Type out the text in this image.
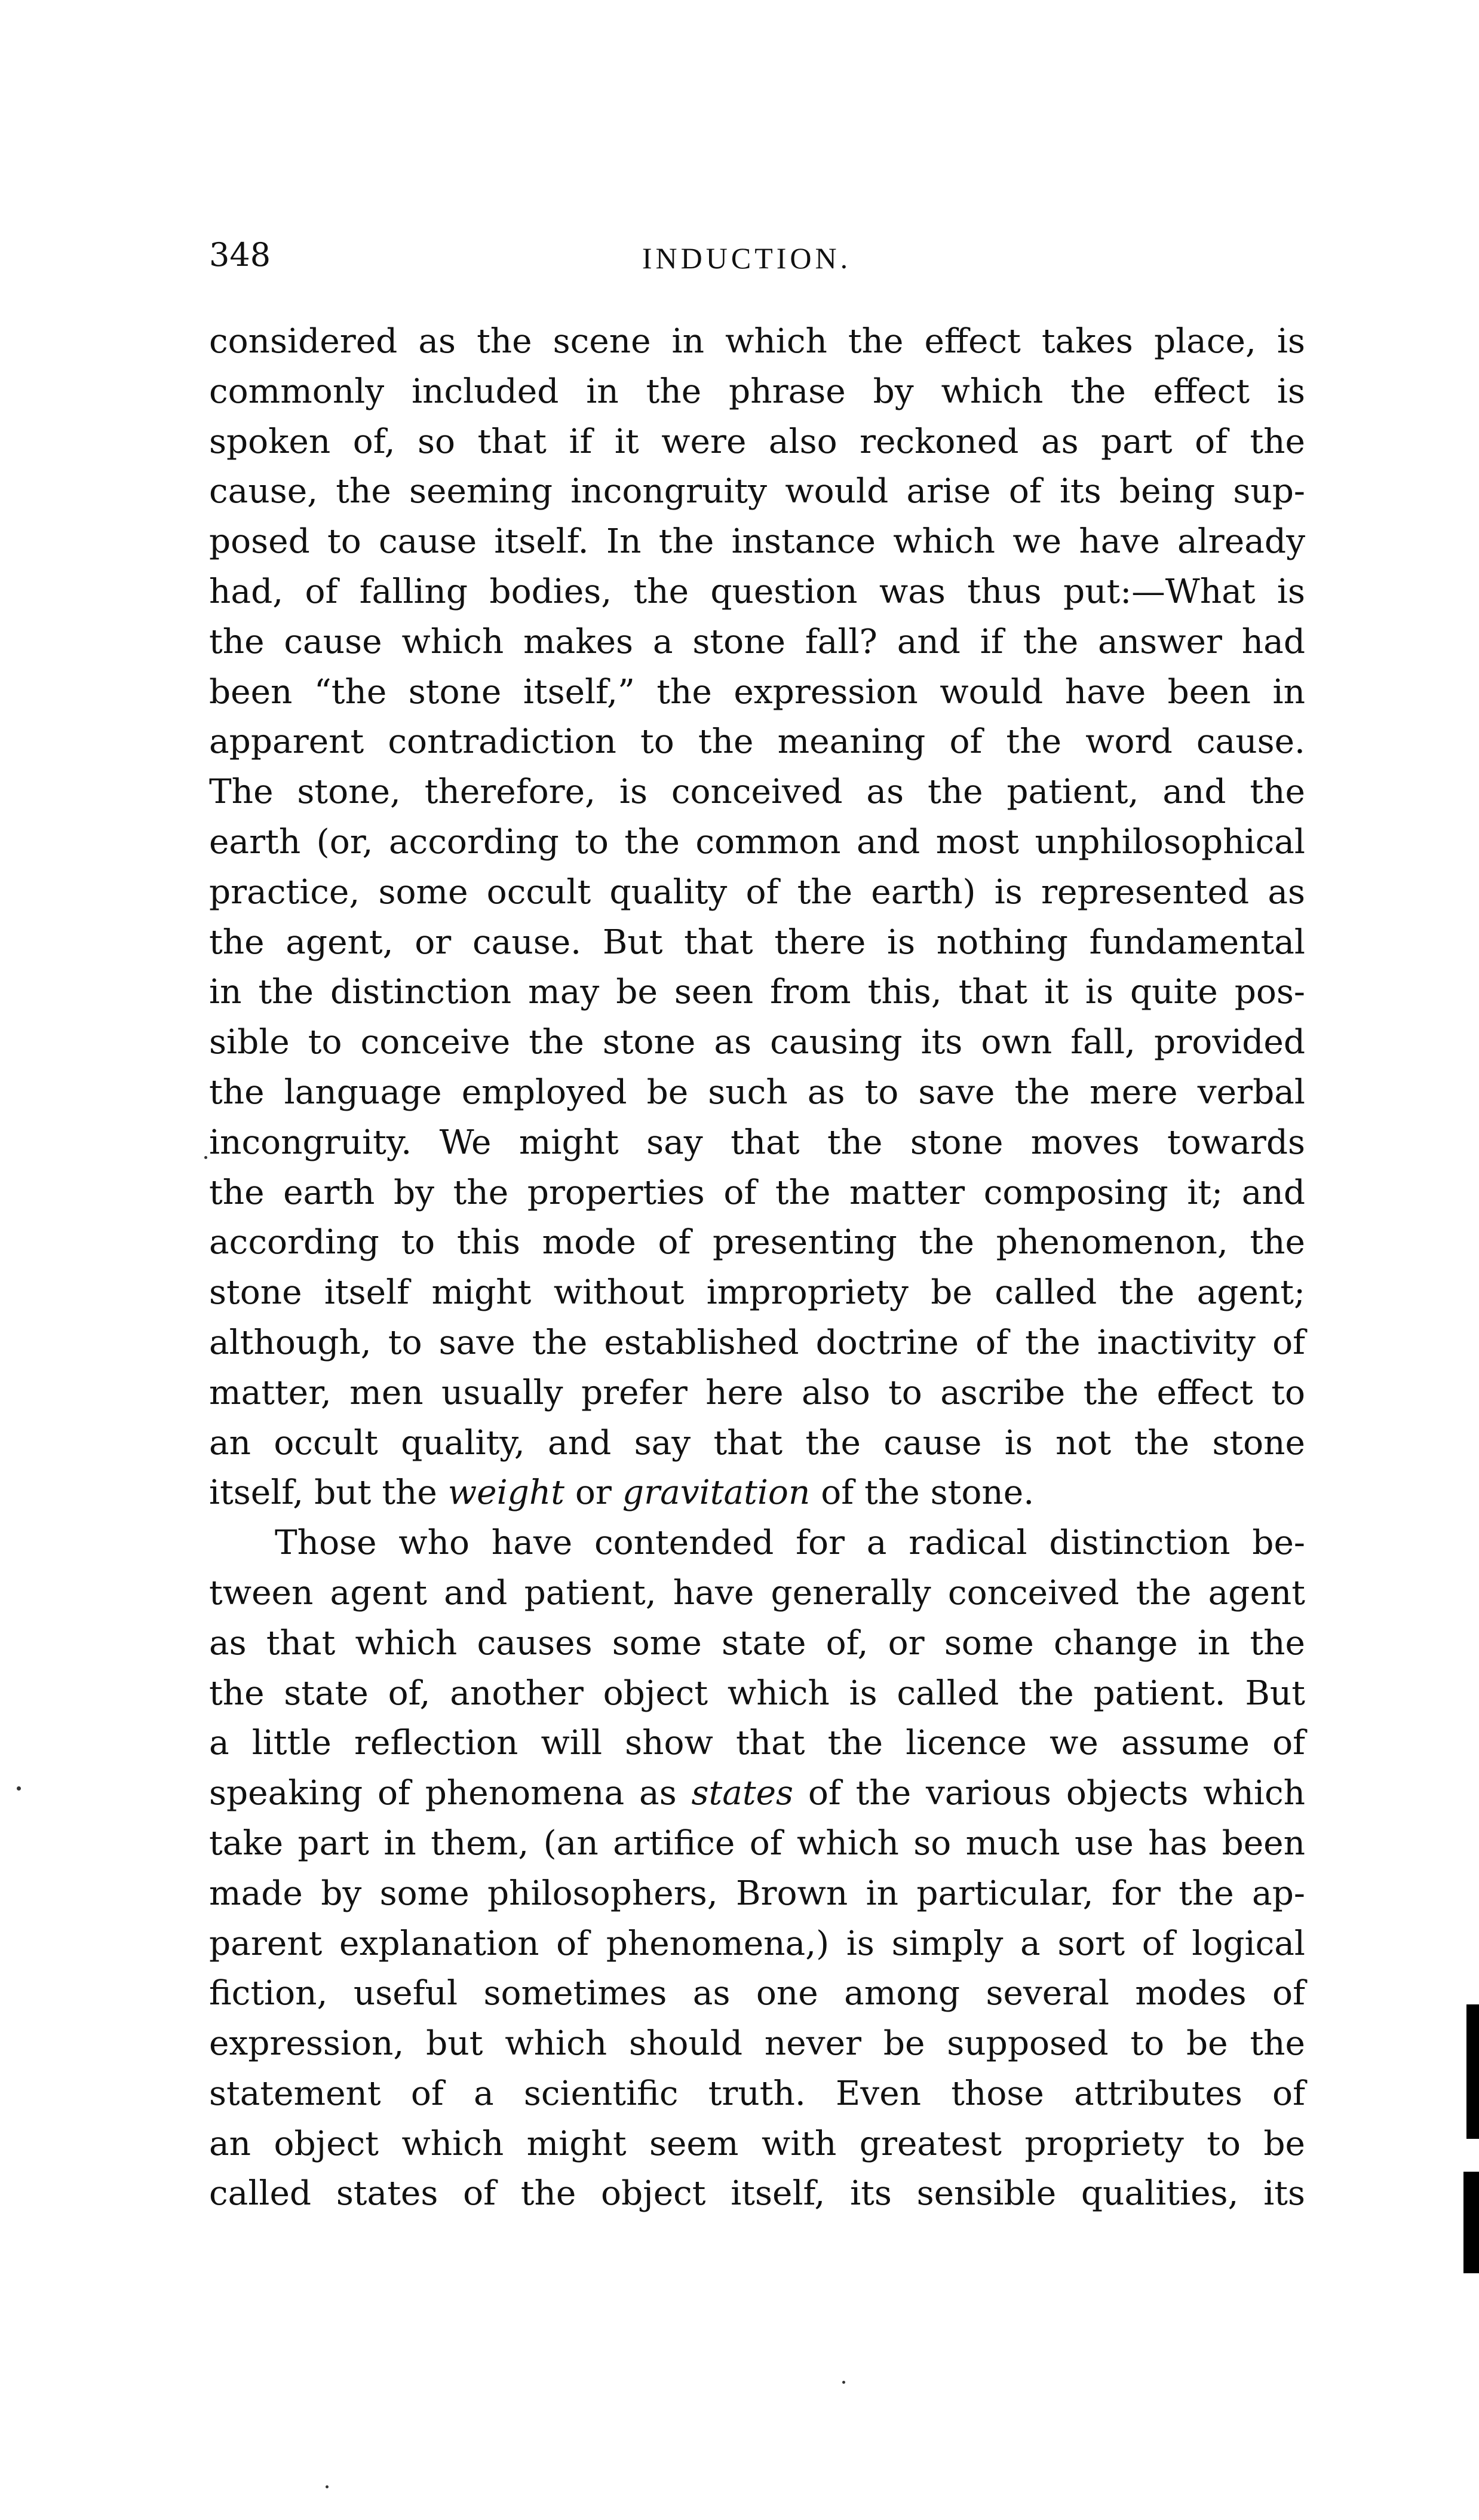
348	INDUCTION.
considered as the scene in which the effect takes place, is
commonly included in the phrase by which the effect is
spoken of, so that if it were also reckoned as part of the
cause, the seeming incongruity would arise of its being sup-
posed to cause itself. In the instance which we have already
had, of falling bodies, the question was thus put:—What is
the cause which makes a stone fall? and if the answer had
been “the stone itself,” the expression would have been in
apparent contradiction to the meaning of the word cause.
The stone, therefore, is conceived as the patient, and the
earth (or, according to the common and most unphilosophical
practice, some occult quality of the earth) is represented as
the agent, or cause. But that there is nothing fundamental
in the distinction may be seen from this, that it is quite pos-
sible to conceive the stone as causing its own fall, provided
the language employed be such as to save the mere verbal
incongruity. We might say that the stone moves towards
the earth by the properties of the matter composing it; and
according to this mode of presenting the phenomenon, the
stone itself might without impropriety be called the agent;
although, to save the established doctrine of the inactivity of
matter, men usually prefer here also to ascribe the effect to
an occult quality, and say that the cause is not the stone
itself, but the weight or gravitation of the stone.
Those who have contended for a radical distinction be-
tween agent and patient, have generally conceived the agent
as that which causes some state of, or some change in the
the state of, another object which is called the patient. But
a little reflection will show that the licence we assume of
speaking of phenomena as states of the various objects which
take part in them, (an artifice of which so much use has been
made by some philosophers, Brown in particular, for the ap-
parent explanation of phenomena,) is simply a sort of logical
fiction, useful sometimes as one among several modes of
expression, but which should never be supposed to be the
statement of a scientific truth. Even those attributes of
an object which might seem with greatest propriety to be
called states of the object itself, its sensible qualities, its
